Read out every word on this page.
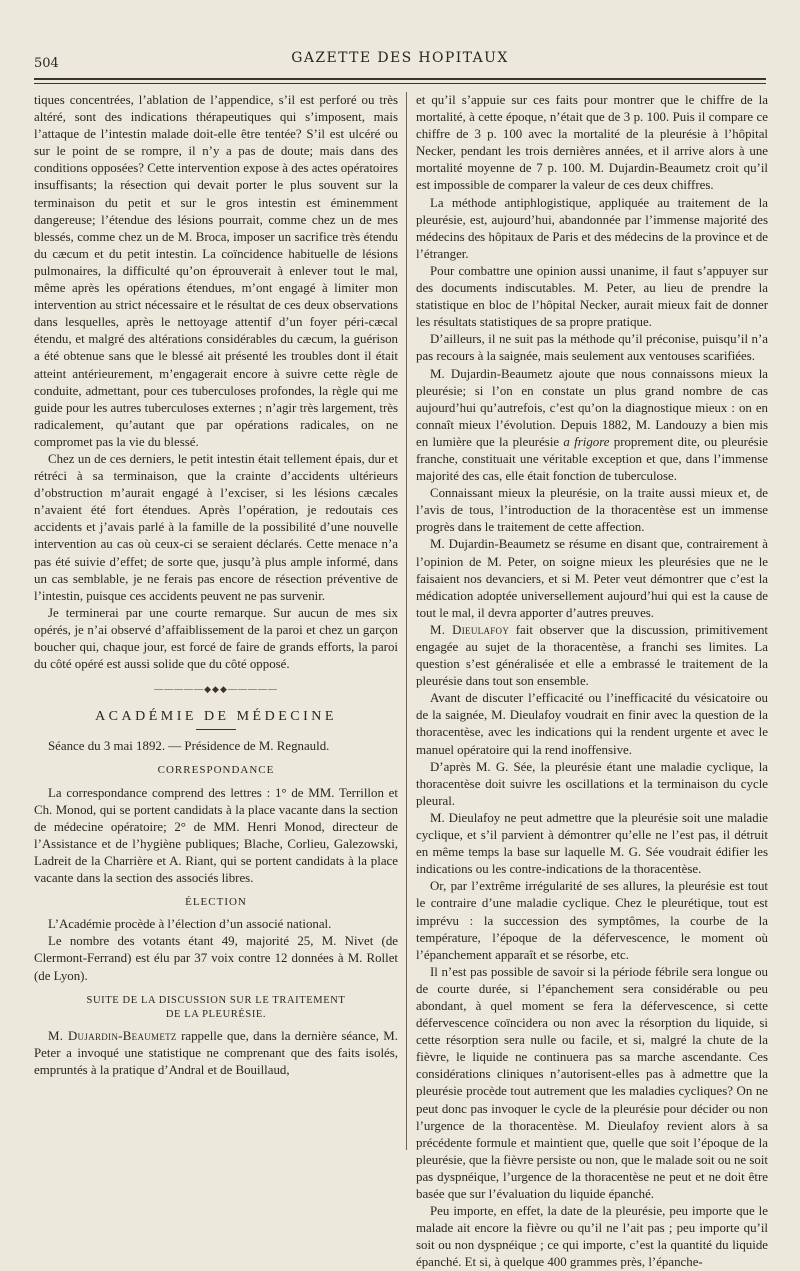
504	GAZETTE DES HOPITAUX

tiques concentrées, l’ablation de l’appendice, s’il est perforé ou très altéré, sont des indications thérapeutiques qui s’imposent, mais l’attaque de l’intestin malade doit-elle être tentée? S’il est ulcéré ou sur le point de se rompre, il n’y a pas de doute; mais dans des conditions opposées? Cette intervention expose à des actes opératoires insuffisants; la résection qui devait porter le plus souvent sur la terminaison du petit et sur le gros intestin est éminemment dangereuse; l’étendue des lésions pourrait, comme chez un de mes blessés, comme chez un de M. Broca, imposer un sacrifice très étendu du cæcum et du petit intestin. La coïncidence habituelle de lésions pulmonaires, la difficulté qu’on éprouverait à enlever tout le mal, même après les opérations étendues, m’ont engagé à limiter mon intervention au strict nécessaire et le résultat de ces deux observations dans lesquelles, après le nettoyage attentif d’un foyer péri-cæcal étendu, et malgré des altérations considérables du cæcum, la guérison a été obtenue sans que le blessé ait présenté les troubles dont il était atteint antérieurement, m’engagerait encore à suivre cette règle de conduite, admettant, pour ces tuberculoses profondes, la règle qui me guide pour les autres tuberculoses externes ; n’agir très largement, très radicalement, qu’autant que par opérations radicales, on ne compromet pas la vie du blessé.

Chez un de ces derniers, le petit intestin était tellement épais, dur et rétréci à sa terminaison, que la crainte d’accidents ultérieurs d’obstruction m’aurait engagé à l’exciser, si les lésions cæcales n’avaient été fort étendues. Après l’opération, je redoutais ces accidents et j’avais parlé à la famille de la possibilité d’une nouvelle intervention au cas où ceux-ci se seraient déclarés. Cette menace n’a pas été suivie d’effet; de sorte que, jusqu’à plus ample informé, dans un cas semblable, je ne ferais pas encore de résection préventive de l’intestin, puisque ces accidents peuvent ne pas survenir.

Je terminerai par une courte remarque. Sur aucun de mes six opérés, je n’ai observé d’affaiblissement de la paroi et chez un garçon boucher qui, chaque jour, est forcé de faire de grands efforts, la paroi du côté opéré est aussi solide que du côté opposé.

—————◆◆◆—————
ACADÉMIE DE MÉDECINE

Séance du 3 mai 1892. — Présidence de M. Regnauld.

CORRESPONDANCE

La correspondance comprend des lettres : 1° de MM. Terrillon et Ch. Monod, qui se portent candidats à la place vacante dans la section de médecine opératoire; 2° de MM. Henri Monod, directeur de l’Assistance et de l’hygiène publiques; Blache, Corlieu, Galezowski, Ladreit de la Charrière et A. Riant, qui se portent candidats à la place vacante dans la section des associés libres.

ÉLECTION

L’Académie procède à l’élection d’un associé national.

Le nombre des votants étant 49, majorité 25, M. Nivet (de Clermont-Ferrand) est élu par 37 voix contre 12 données à M. Rollet (de Lyon).

SUITE DE LA DISCUSSION SUR LE TRAITEMENT
DE LA PLEURÉSIE.

M. Dujardin-Beaumetz rappelle que, dans la dernière séance, M. Peter a invoqué une statistique ne comprenant que des faits isolés, empruntés à la pratique d’Andral et de Bouillaud,

et qu’il s’appuie sur ces faits pour montrer que le chiffre de la mortalité, à cette époque, n’était que de 3 p. 100. Puis il compare ce chiffre de 3 p. 100 avec la mortalité de la pleurésie à l’hôpital Necker, pendant les trois dernières années, et il arrive alors à une mortalité moyenne de 7 p. 100. M. Dujardin-Beaumetz croit qu’il est impossible de comparer la valeur de ces deux chiffres.

La méthode antiphlogistique, appliquée au traitement de la pleurésie, est, aujourd’hui, abandonnée par l’immense majorité des médecins des hôpitaux de Paris et des médecins de la province et de l’étranger.

Pour combattre une opinion aussi unanime, il faut s’appuyer sur des documents indiscutables. M. Peter, au lieu de prendre la statistique en bloc de l’hôpital Necker, aurait mieux fait de donner les résultats statistiques de sa propre pratique.

D’ailleurs, il ne suit pas la méthode qu’il préconise, puisqu’il n’a pas recours à la saignée, mais seulement aux ventouses scarifiées.

M. Dujardin-Beaumetz ajoute que nous connaissons mieux la pleurésie; si l’on en constate un plus grand nombre de cas aujourd’hui qu’autrefois, c’est qu’on la diagnostique mieux : on en connaît mieux l’évolution. Depuis 1882, M. Landouzy a bien mis en lumière que la pleurésie a frigore proprement dite, ou pleurésie franche, constituait une véritable exception et que, dans l’immense majorité des cas, elle était fonction de tuberculose.

Connaissant mieux la pleurésie, on la traite aussi mieux et, de l’avis de tous, l’introduction de la thoracentèse est un immense progrès dans le traitement de cette affection.

M. Dujardin-Beaumetz se résume en disant que, contrairement à l’opinion de M. Peter, on soigne mieux les pleurésies que ne le faisaient nos devanciers, et si M. Peter veut démontrer que c’est la médication adoptée universellement aujourd’hui qui est la cause de tout le mal, il devra apporter d’autres preuves.

M. Dieulafoy fait observer que la discussion, primitivement engagée au sujet de la thoracentèse, a franchi ses limites. La question s’est généralisée et elle a embrassé le traitement de la pleurésie dans tout son ensemble.

Avant de discuter l’efficacité ou l’inefficacité du vésicatoire ou de la saignée, M. Dieulafoy voudrait en finir avec la question de la thoracentèse, avec les indications qui la rendent urgente et avec le manuel opératoire qui la rend inoffensive.

D’après M. G. Sée, la pleurésie étant une maladie cyclique, la thoracentèse doit suivre les oscillations et la terminaison du cycle pleural.

M. Dieulafoy ne peut admettre que la pleurésie soit une maladie cyclique, et s’il parvient à démontrer qu’elle ne l’est pas, il détruit en même temps la base sur laquelle M. G. Sée voudrait édifier les indications ou les contre-indications de la thoracentèse.

Or, par l’extrême irrégularité de ses allures, la pleurésie est tout le contraire d’une maladie cyclique. Chez le pleurétique, tout est imprévu : la succession des symptômes, la courbe de la température, l’époque de la défervescence, le moment où l’épanchement apparaît et se résorbe, etc.

Il n’est pas possible de savoir si la période fébrile sera longue ou de courte durée, si l’épanchement sera considérable ou peu abondant, à quel moment se fera la défervescence, si cette défervescence coïncidera ou non avec la résorption du liquide, si cette résorption sera nulle ou facile, et si, malgré la chute de la fièvre, le liquide ne continuera pas sa marche ascendante. Ces considérations cliniques n’autorisent-elles pas à admettre que la pleurésie procède tout autrement que les maladies cycliques? On ne peut donc pas invoquer le cycle de la pleurésie pour décider ou non l’urgence de la thoracentèse. M. Dieulafoy revient alors à sa précédente formule et maintient que, quelle que soit l’époque de la pleurésie, que la fièvre persiste ou non, que le malade soit ou ne soit pas dyspnéique, l’urgence de la thoracentèse ne peut et ne doit être basée que sur l’évaluation du liquide épanché.

Peu importe, en effet, la date de la pleurésie, peu importe que le malade ait encore la fièvre ou qu’il ne l’ait pas ; peu importe qu’il soit ou non dyspnéique ; ce qui importe, c’est la quantité du liquide épanché. Et si, à quelque 400 grammes près, l’épanche-
